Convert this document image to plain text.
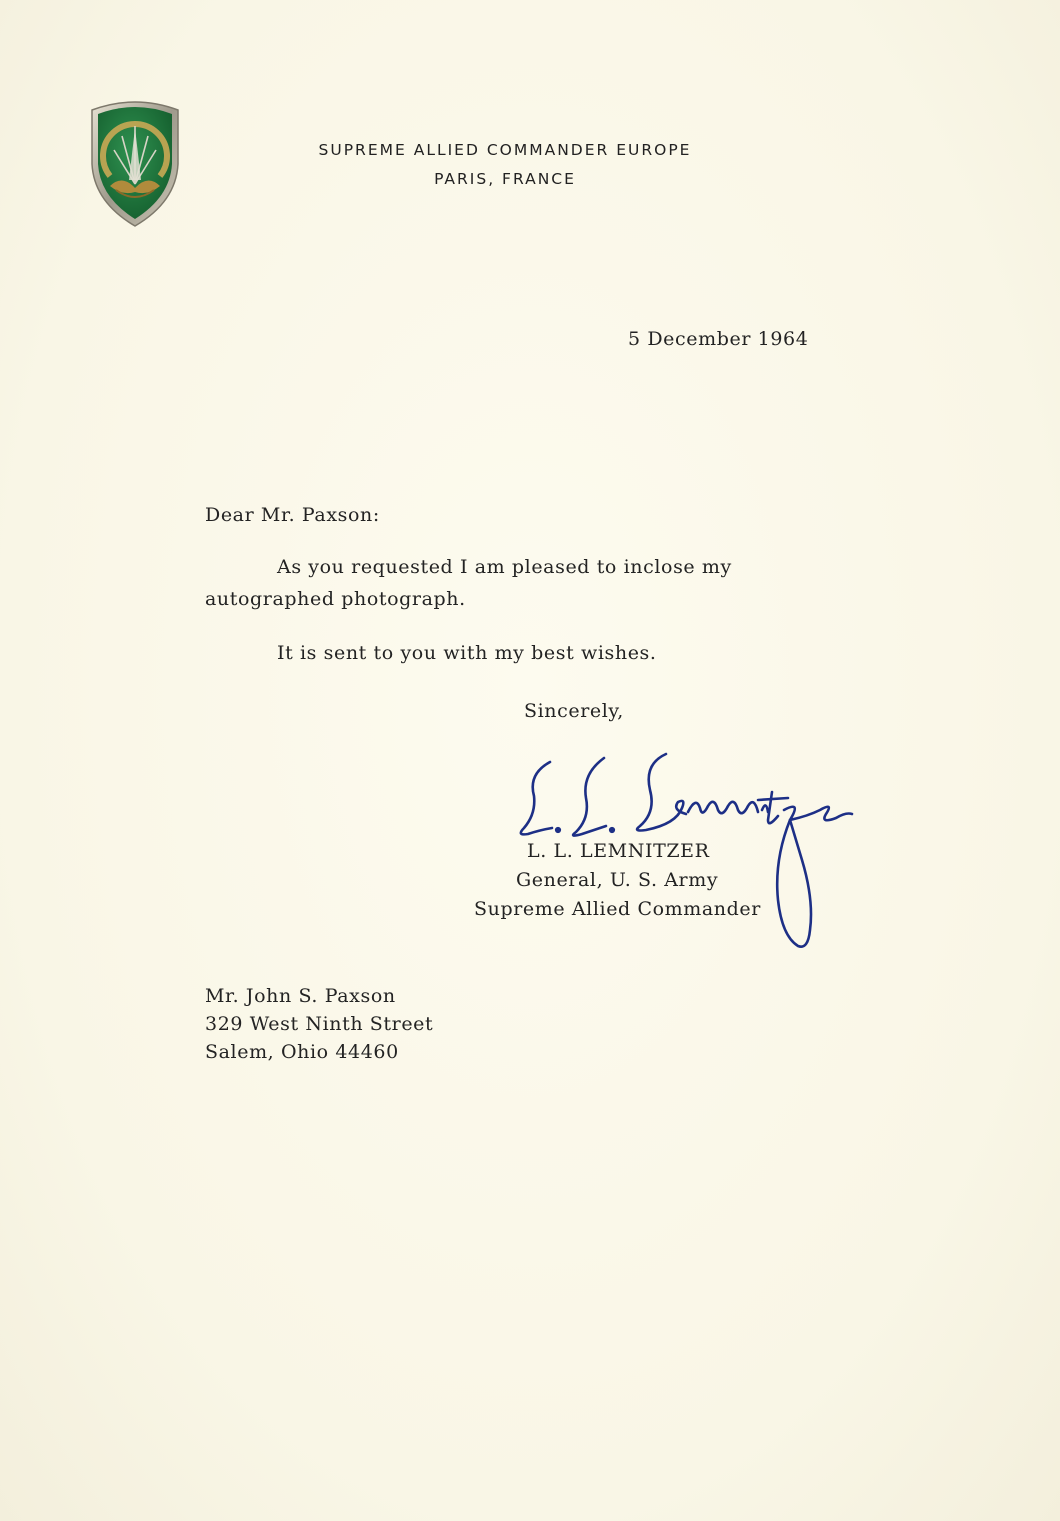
SUPREME ALLIED COMMANDER EUROPE
PARIS, FRANCE
5 December 1964
Dear Mr. Paxson:
As you requested I am pleased to inclose my
autographed photograph.
It is sent to you with my best wishes.
Sincerely,
L. L. LEMNITZER
General, U. S. Army
Supreme Allied Commander
Mr. John S. Paxson
329 West Ninth Street
Salem, Ohio 44460
